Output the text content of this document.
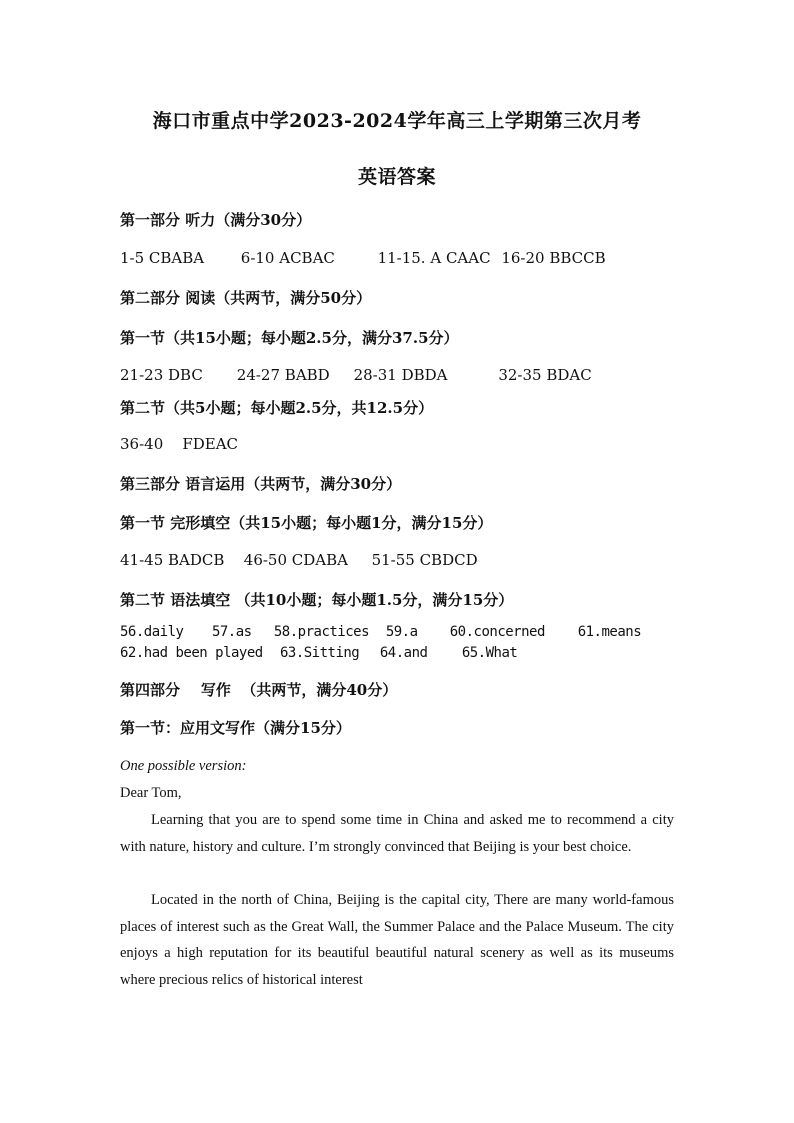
海口市重点中学2023-2024学年高三上学期第三次月考
英语答案
第一部分 听力（满分30分）
1-5 CBABA 6-10 ACBAC	11-15. A CAAC 16-20 BBCCB
第二部分 阅读（共两节，满分50分）
第一节（共15小题；每小题2.5分，满分37.5分）
21-23 DBC 24-27 BABD 28-31 DBDA	32-35 BDAC
第二节（共5小题；每小题2.5分，共12.5分）
36-40    FDEAC
第三部分 语言运用（共两节，满分30分）
第一节 完形填空（共15小题；每小题1分，满分15分）
41-45 BADCB 46-50 CDABA 51-55 CBDCD
第二节 语法填空 （共10小题；每小题1.5分，满分15分）
56.daily 57.as 58.practices 59.a 60.concerned 61.means
62.had been played 63.Sitting 64.and 65.What
第四部分    写作  （共两节，满分40分）
第一节：应用文写作（满分15分）
One possible version:
Dear Tom,
Learning that you are to spend some time in China and asked me to recommend a city with nature, history and culture. I’m strongly convinced that Beijing is your best choice.
Located in the north of China, Beijing is the capital city, There are many world-famous places of interest such as the Great Wall, the Summer Palace and the Palace Museum. The city enjoys a high reputation for its beautiful beautiful natural scenery as well as its museums where precious relics of historical interest
